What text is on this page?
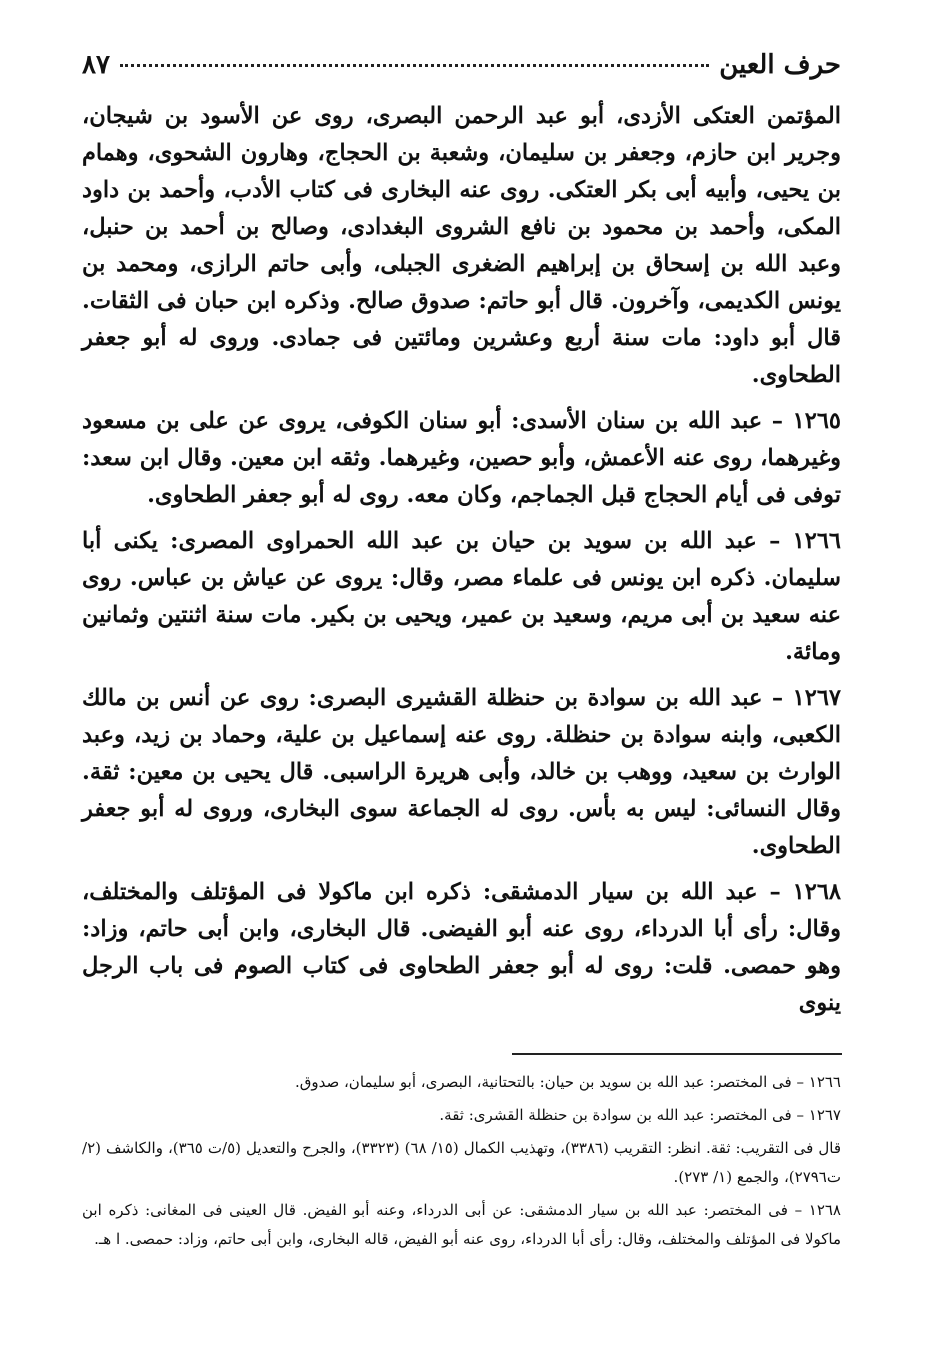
حرف العين
٨٧

المؤتمن العتكى الأزدى، أبو عبد الرحمن البصرى، روى عن الأسود بن شيجان، وجرير ابن حازم، وجعفر بن سليمان، وشعبة بن الحجاج، وهارون الشحوى، وهمام بن يحيى، وأبيه أبى بكر العتكى. روى عنه البخارى فى كتاب الأدب، وأحمد بن داود المكى، وأحمد بن محمود بن نافع الشروى البغدادى، وصالح بن أحمد بن حنبل، وعبد الله بن إسحاق بن إبراهيم الضغرى الجبلى، وأبى حاتم الرازى، ومحمد بن يونس الكديمى، وآخرون. قال أبو حاتم: صدوق صالح. وذكره ابن حبان فى الثقات. قال أبو داود: مات سنة أربع وعشرين ومائتين فى جمادى. وروى له أبو جعفر الطحاوى.

١٢٦٥ – عبد الله بن سنان الأسدى: أبو سنان الكوفى، يروى عن على بن مسعود وغيرهما، روى عنه الأعمش، وأبو حصين، وغيرهما. وثقه ابن معين. وقال ابن سعد: توفى فى أيام الحجاج قبل الجماجم، وكان معه. روى له أبو جعفر الطحاوى.

١٢٦٦ – عبد الله بن سويد بن حيان بن عبد الله الحمراوى المصرى: يكنى أبا سليمان. ذكره ابن يونس فى علماء مصر، وقال: يروى عن عياش بن عباس. روى عنه سعيد بن أبى مريم، وسعيد بن عمير، ويحيى بن بكير. مات سنة اثنتين وثمانين ومائة.

١٢٦٧ – عبد الله بن سوادة بن حنظلة القشيرى البصرى: روى عن أنس بن مالك الكعبى، وابنه سوادة بن حنظلة. روى عنه إسماعيل بن علية، وحماد بن زيد، وعبد الوارث بن سعيد، ووهب بن خالد، وأبى هريرة الراسبى. قال يحيى بن معين: ثقة. وقال النسائى: ليس به بأس. روى له الجماعة سوى البخارى، وروى له أبو جعفر الطحاوى.

١٢٦٨ – عبد الله بن سيار الدمشقى: ذكره ابن ماكولا فى المؤتلف والمختلف، وقال: رأى أبا الدرداء، روى عنه أبو الفيضى. قال البخارى، وابن أبى حاتم، وزاد: وهو حمصى. قلت: روى له أبو جعفر الطحاوى فى كتاب الصوم فى باب الرجل ينوى

١٢٦٦ – فى المختصر: عبد الله بن سويد بن حيان: بالتحتانية، البصرى، أبو سليمان، صدوق.

١٢٦٧ – فى المختصر: عبد الله بن سوادة بن حنظلة القشرى: ثقة.

قال فى التقريب: ثقة. انظر: التقريب (٣٣٨٦)، وتهذيب الكمال (١٥/ ٦٨) (٣٣٢٣)، والجرح والتعديل (٥/ت ٣٦٥)، والكاشف (٢/ت٢٧٩٦)، والجمع (١/ ٢٧٣).

١٢٦٨ – فى المختصر: عبد الله بن سيار الدمشقى: عن أبى الدرداء، وعنه أبو الفيض. قال العينى فى المغانى: ذكره ابن ماكولا فى المؤتلف والمختلف، وقال: رأى أبا الدرداء، روى عنه أبو الفيض، قاله البخارى، وابن أبى حاتم، وزاد: حمصى. ا هـ.
